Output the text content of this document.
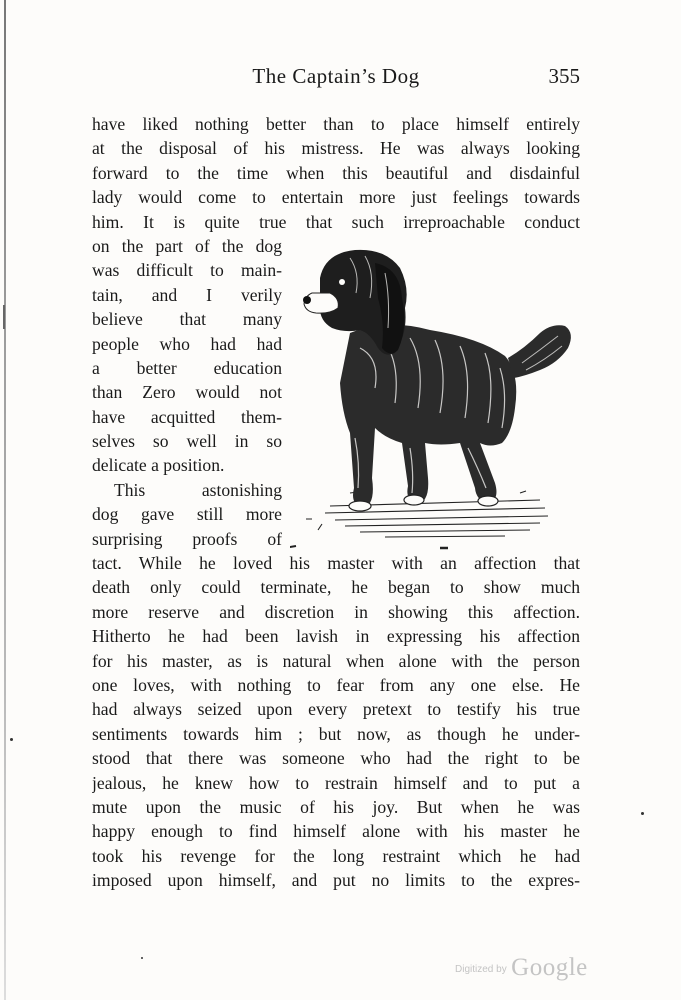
The Captain’s Dog	355
have liked nothing better than to place himself entirely
at the disposal of his mistress. He was always looking
forward to the time when this beautiful and disdainful
lady would come to entertain more just feelings towards
him. It is quite true that such irreproachable conduct
on the part of the dog
was difficult to main-
tain, and I verily
believe that many
people who had had
a better education
than Zero would not
have acquitted them-
selves so well in so
delicate a position.
This astonishing
dog gave still more
surprising proofs of
tact. While he loved his master with an affection that
death only could terminate, he began to show much
more reserve and discretion in showing this affection.
Hitherto he had been lavish in expressing his affection
for his master, as is natural when alone with the person
one loves, with nothing to fear from any one else. He
had always seized upon every pretext to testify his true
sentiments towards him ; but now, as though he under-
stood that there was someone who had the right to be
jealous, he knew how to restrain himself and to put a
mute upon the music of his joy. But when he was
happy enough to find himself alone with his master he
took his revenge for the long restraint which he had
imposed upon himself, and put no limits to the expres-
Digitized by Google
